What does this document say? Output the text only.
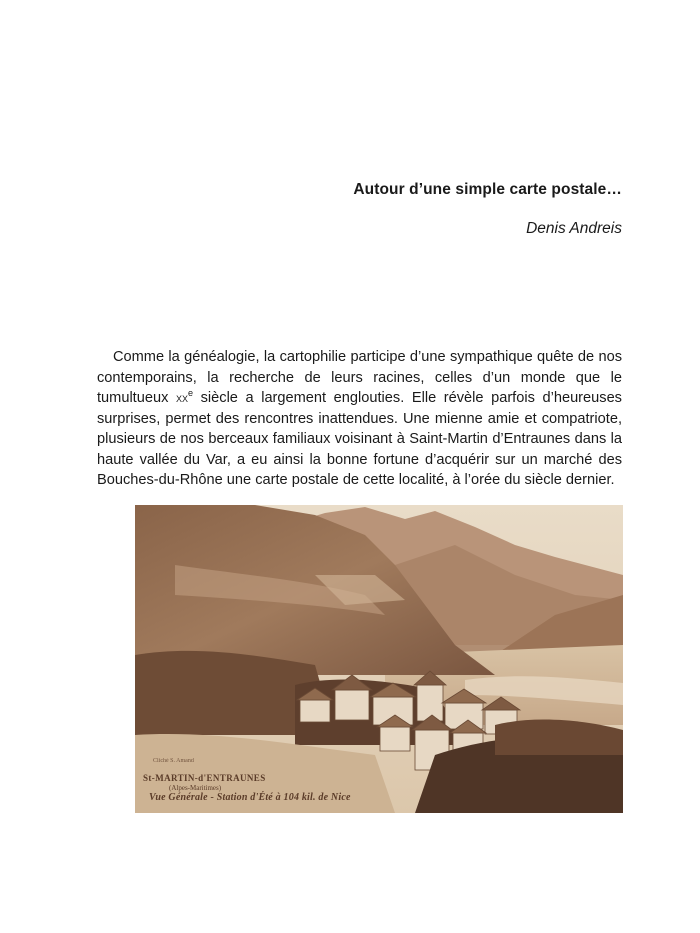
Autour d’une simple carte postale…
Denis Andreis

Comme la généalogie, la cartophilie participe d’une sympathique quête de nos contemporains, la recherche de leurs racines, celles d’un monde que le tumultueux $xx^e$ siècle a largement englouties. Elle révèle parfois d’heureuses surprises, permet des rencontres inattendues. Une mienne amie et compatriote, plusieurs de nos berceaux familiaux voisinant à Saint-Martin d’Entraunes dans la haute vallée du Var, a eu ainsi la bonne fortune d’acquérir sur un marché des Bouches-du-Rhône une carte postale de cette localité, à l’orée du siècle dernier.

Cliché S. Amand
St-MARTIN-d'ENTRAUNES
(Alpes-Maritimes)
Vue Générale - Station d'Été à 104 kil. de Nice
